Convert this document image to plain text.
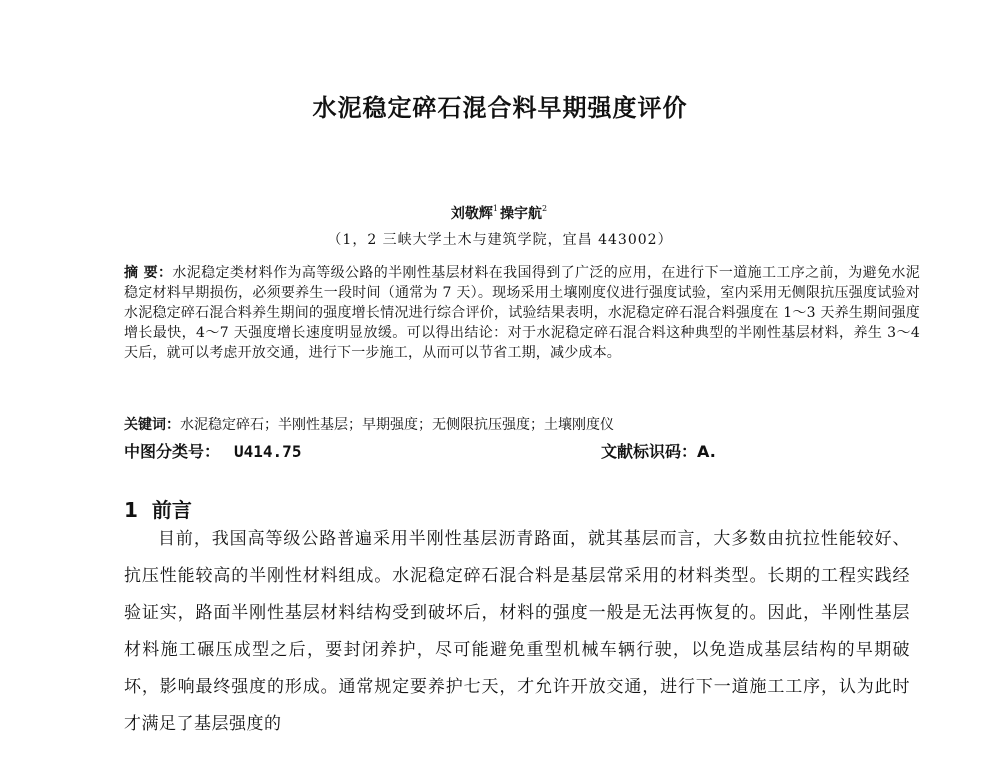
水泥稳定碎石混合料早期强度评价
刘敬辉$^1$ 操宇航$^2$
（1，2 三峡大学土木与建筑学院，宜昌 443002）
摘 要：水泥稳定类材料作为高等级公路的半刚性基层材料在我国得到了广泛的应用，在进行下一道施工工序之前，为避免水泥稳定材料早期损伤，必须要养生一段时间（通常为 7 天）。现场采用土壤刚度仪进行强度试验，室内采用无侧限抗压强度试验对水泥稳定碎石混合料养生期间的强度增长情况进行综合评价，试验结果表明，水泥稳定碎石混合料强度在 1～3 天养生期间强度增长最快，4～7 天强度增长速度明显放缓。可以得出结论：对于水泥稳定碎石混合料这种典型的半刚性基层材料，养生 3～4 天后，就可以考虑开放交通，进行下一步施工，从而可以节省工期，减少成本。
关键词：水泥稳定碎石；半刚性基层；早期强度；无侧限抗压强度；土壤刚度仪
中图分类号： U414.75	文献标识码：A.
1 前言

目前，我国高等级公路普遍采用半刚性基层沥青路面，就其基层而言，大多数由抗拉性能较好、抗压性能较高的半刚性材料组成。水泥稳定碎石混合料是基层常采用的材料类型。长期的工程实践经验证实，路面半刚性基层材料结构受到破坏后，材料的强度一般是无法再恢复的。因此，半刚性基层材料施工碾压成型之后，要封闭养护，尽可能避免重型机械车辆行驶，以免造成基层结构的早期破坏，影响最终强度的形成。通常规定要养护七天，才允许开放交通，进行下一道施工工序，认为此时才满足了基层强度的
